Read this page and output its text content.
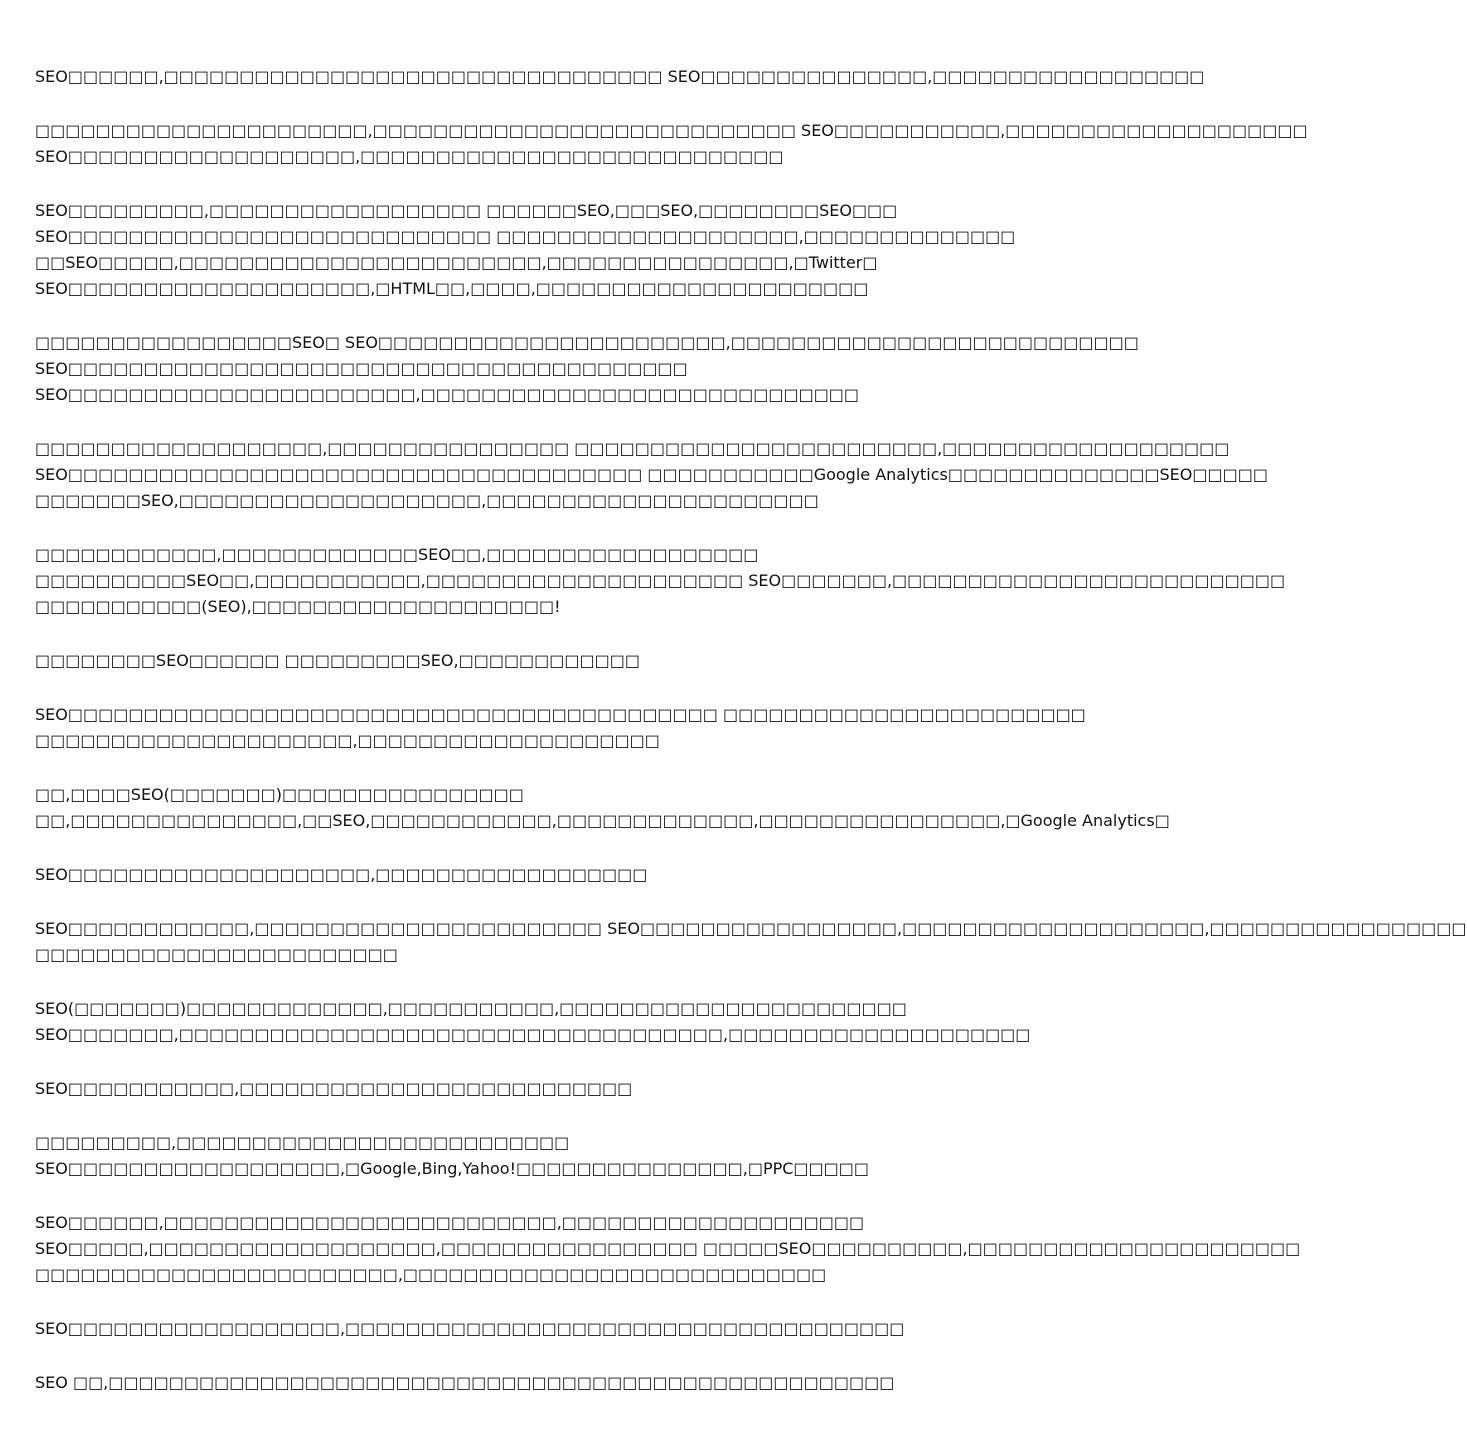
SEO□□□□□□,□□□□□□□□□□□□□□□□□□□□□□□□□□□□□□□□□ SEO□□□□□□□□□□□□□□□,□□□□□□□□□□□□□□□□□□

□□□□□□□□□□□□□□□□□□□□□□,□□□□□□□□□□□□□□□□□□□□□□□□□□□□ SEO□□□□□□□□□□□,□□□□□□□□□□□□□□□□□□□□
SEO□□□□□□□□□□□□□□□□□□□,□□□□□□□□□□□□□□□□□□□□□□□□□□□□

SEO□□□□□□□□□,□□□□□□□□□□□□□□□□□□ □□□□□□SEO,□□□SEO,□□□□□□□□SEO□□□
SEO□□□□□□□□□□□□□□□□□□□□□□□□□□□□ □□□□□□□□□□□□□□□□□□□□,□□□□□□□□□□□□□□
□□SEO□□□□□,□□□□□□□□□□□□□□□□□□□□□□□□,□□□□□□□□□□□□□□□□,□Twitter□
SEO□□□□□□□□□□□□□□□□□□□□,□HTML□□,□□□□,□□□□□□□□□□□□□□□□□□□□□□

□□□□□□□□□□□□□□□□□SEO□ SEO□□□□□□□□□□□□□□□□□□□□□□□,□□□□□□□□□□□□□□□□□□□□□□□□□□□
SEO□□□□□□□□□□□□□□□□□□□□□□□□□□□□□□□□□□□□□□□□□
SEO□□□□□□□□□□□□□□□□□□□□□□□,□□□□□□□□□□□□□□□□□□□□□□□□□□□□□

□□□□□□□□□□□□□□□□□□□,□□□□□□□□□□□□□□□□ □□□□□□□□□□□□□□□□□□□□□□□□,□□□□□□□□□□□□□□□□□□□
SEO□□□□□□□□□□□□□□□□□□□□□□□□□□□□□□□□□□□□□□ □□□□□□□□□□□Google Analytics□□□□□□□□□□□□□□SEO□□□□□
□□□□□□□SEO,□□□□□□□□□□□□□□□□□□□□,□□□□□□□□□□□□□□□□□□□□□□

□□□□□□□□□□□□,□□□□□□□□□□□□□SEO□□,□□□□□□□□□□□□□□□□□□
□□□□□□□□□□SEO□□,□□□□□□□□□□□,□□□□□□□□□□□□□□□□□□□□□ SEO□□□□□□□,□□□□□□□□□□□□□□□□□□□□□□□□□□
□□□□□□□□□□□(SEO),□□□□□□□□□□□□□□□□□□□□!

□□□□□□□□SEO□□□□□□ □□□□□□□□□SEO,□□□□□□□□□□□□

SEO□□□□□□□□□□□□□□□□□□□□□□□□□□□□□□□□□□□□□□□□□□□ □□□□□□□□□□□□□□□□□□□□□□□□
□□□□□□□□□□□□□□□□□□□□□,□□□□□□□□□□□□□□□□□□□□

□□,□□□□SEO(□□□□□□□)□□□□□□□□□□□□□□□□
□□,□□□□□□□□□□□□□□□,□□SEO,□□□□□□□□□□□□,□□□□□□□□□□□□□,□□□□□□□□□□□□□□□□,□Google Analytics□

SEO□□□□□□□□□□□□□□□□□□□□,□□□□□□□□□□□□□□□□□□

SEO□□□□□□□□□□□□,□□□□□□□□□□□□□□□□□□□□□□□ SEO□□□□□□□□□□□□□□□□□,□□□□□□□□□□□□□□□□□□□□,□□□□□□□□□□□□□□□□□
□□□□□□□□□□□□□□□□□□□□□□□□

SEO(□□□□□□□)□□□□□□□□□□□□□,□□□□□□□□□□□,□□□□□□□□□□□□□□□□□□□□□□□
SEO□□□□□□□,□□□□□□□□□□□□□□□□□□□□□□□□□□□□□□□□□□□□,□□□□□□□□□□□□□□□□□□□□

SEO□□□□□□□□□□□,□□□□□□□□□□□□□□□□□□□□□□□□□□

□□□□□□□□□,□□□□□□□□□□□□□□□□□□□□□□□□□□
SEO□□□□□□□□□□□□□□□□□□,□Google,Bing,Yahoo!□□□□□□□□□□□□□□□,□PPC□□□□□

SEO□□□□□□,□□□□□□□□□□□□□□□□□□□□□□□□□□,□□□□□□□□□□□□□□□□□□□□
SEO□□□□□,□□□□□□□□□□□□□□□□□□□,□□□□□□□□□□□□□□□□□ □□□□□SEO□□□□□□□□□□,□□□□□□□□□□□□□□□□□□□□□□
□□□□□□□□□□□□□□□□□□□□□□□□,□□□□□□□□□□□□□□□□□□□□□□□□□□□□

SEO□□□□□□□□□□□□□□□□□□,□□□□□□□□□□□□□□□□□□□□□□□□□□□□□□□□□□□□□

SEO □□,□□□□□□□□□□□□□□□□□□□□□□□□□□□□□□□□□□□□□□□□□□□□□□□□□□□□
